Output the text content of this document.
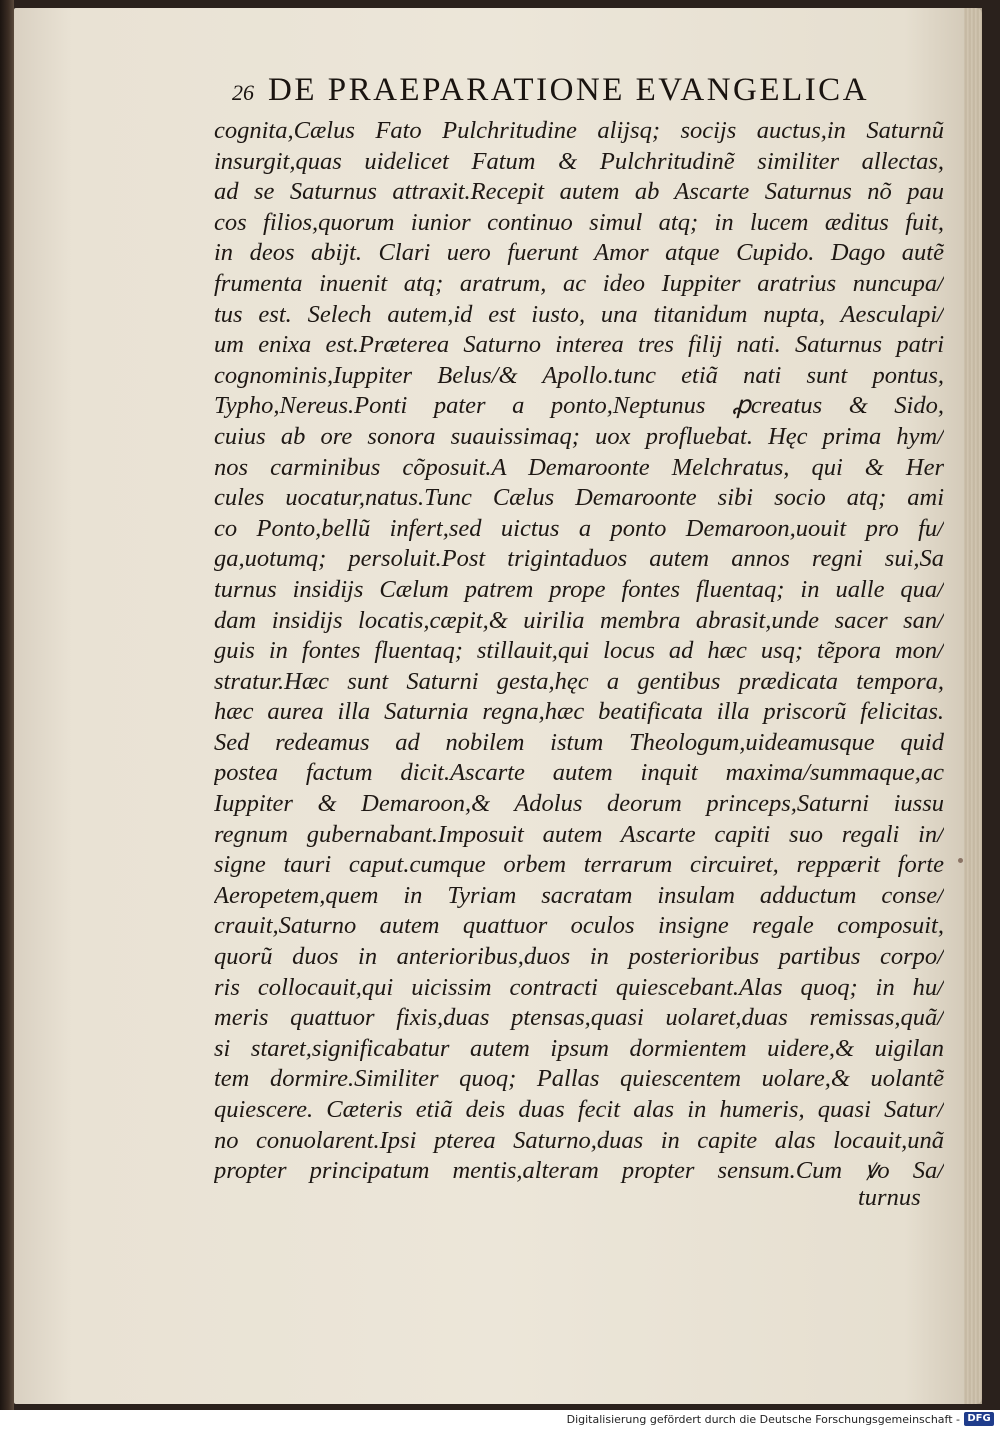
26 DE PRAEPARATIONE EVANGELICA
cognita,Cælus Fato Pulchritudine alijsq; socijs auctus,in Saturnũ
insurgit,quas uidelicet Fatum & Pulchritudinẽ similiter allectas,
ad se Saturnus attraxit.Recepit autem ab Ascarte Saturnus nõ pau
cos filios,quorum iunior continuo simul atq; in lucem æditus fuit,
in deos abijt. Clari uero fuerunt Amor atque Cupido. Dago autẽ
frumenta inuenit atq; aratrum, ac ideo Iuppiter aratrius nuncupa/
tus est. Selech autem,id est iusto, una titanidum nupta, Aesculapi/
um enixa est.Præterea Saturno interea tres filij nati. Saturnus patri
cognominis,Iuppiter Belus/& Apollo.tunc etiã nati sunt pontus,
Typho,Nereus.Ponti pater a ponto,Neptunus ꝓcreatus & Sido,
cuius ab ore sonora suauissimaq; uox profluebat. Hęc prima hym/
nos carminibus cõposuit.A Demaroonte Melchratus, qui & Her
cules uocatur,natus.Tunc Cælus Demaroonte sibi socio atq; ami
co Ponto,bellũ infert,sed uictus a ponto Demaroon,uouit pro fu/
ga,uotumq; persoluit.Post trigintaduos autem annos regni sui,Sa
turnus insidijs Cælum patrem prope fontes fluentaq; in ualle qua/
dam insidijs locatis,cæpit,& uirilia membra abrasit,unde sacer san/
guis in fontes fluentaq; stillauit,qui locus ad hæc usq; tẽpora mon/
stratur.Hæc sunt Saturni gesta,hęc a gentibus prædicata tempora,
hæc aurea illa Saturnia regna,hæc beatificata illa priscorũ felicitas.
Sed redeamus ad nobilem istum Theologum,uideamusque quid
postea factum dicit.Ascarte autem inquit maxima/summaque,ac
Iuppiter & Demaroon,& Adolus deorum princeps,Saturni iussu
regnum gubernabant.Imposuit autem Ascarte capiti suo regali in/
signe tauri caput.cumque orbem terrarum circuiret, reppærit forte
Aeropetem,quem in Tyriam sacratam insulam adductum conse/
crauit,Saturno autem quattuor oculos insigne regale composuit,
quorũ duos in anterioribus,duos in posterioribus partibus corpo/
ris collocauit,qui uicissim contracti quiescebant.Alas quoq; in hu/
meris quattuor fixis,duas ptensas,quasi uolaret,duas remissas,quã/
si staret,significabatur autem ipsum dormientem uidere,& uigilan
tem dormire.Similiter quoq; Pallas quiescentem uolare,& uolantẽ
quiescere. Cæteris etiã deis duas fecit alas in humeris, quasi Satur/
no conuolarent.Ipsi pterea Saturno,duas in capite alas locauit,unã
propter principatum mentis,alteram propter sensum.Cum ꝟo Sa/
turnus
Digitalisierung gefördert durch die Deutsche Forschungsgemeinschaft - DFG
